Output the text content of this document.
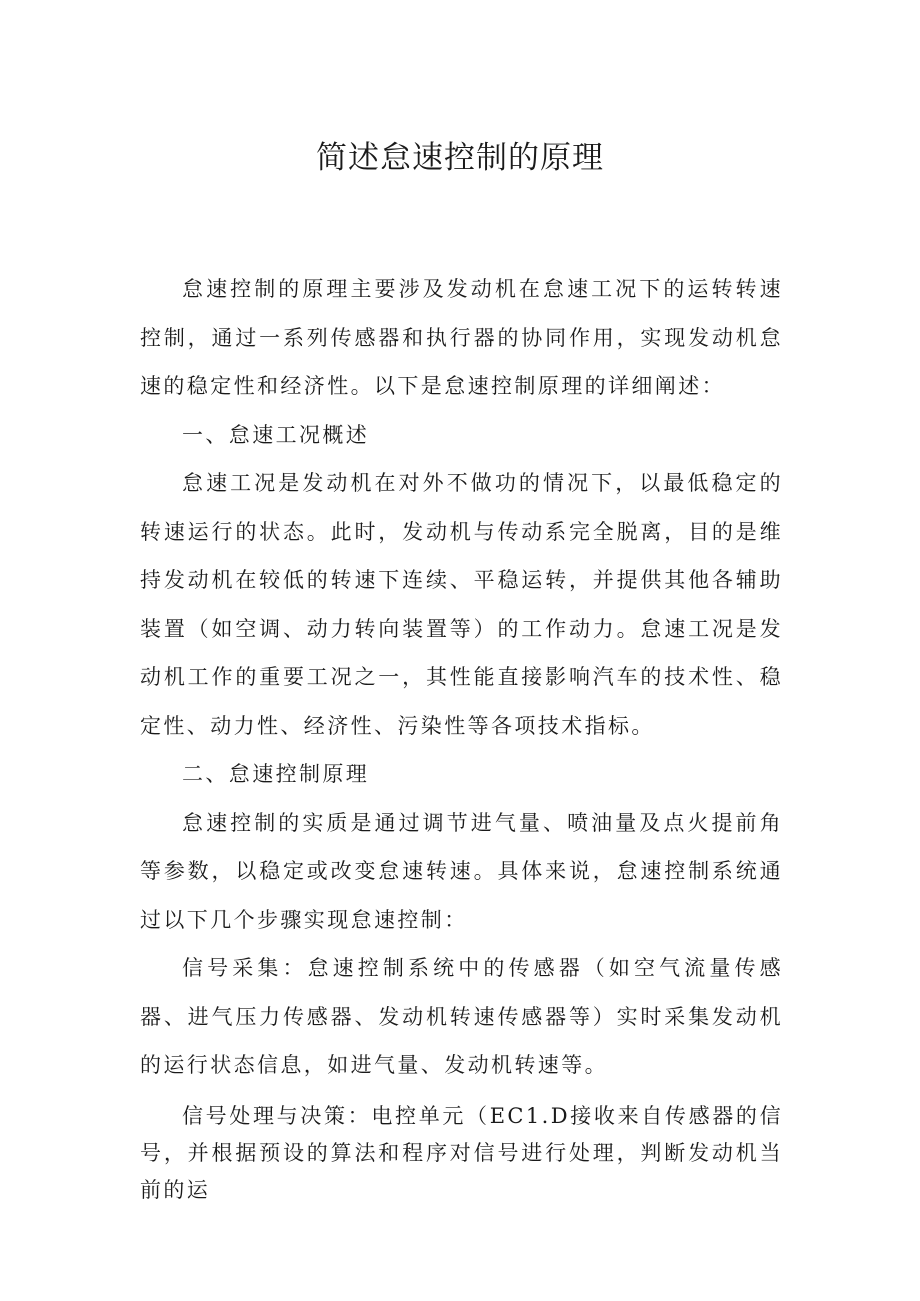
简述怠速控制的原理

怠速控制的原理主要涉及发动机在怠速工况下的运转转速控制，通过一系列传感器和执行器的协同作用，实现发动机怠速的稳定性和经济性。以下是怠速控制原理的详细阐述：

一、怠速工况概述

怠速工况是发动机在对外不做功的情况下，以最低稳定的转速运行的状态。此时，发动机与传动系完全脱离，目的是维持发动机在较低的转速下连续、平稳运转，并提供其他各辅助装置（如空调、动力转向装置等）的工作动力。怠速工况是发动机工作的重要工况之一，其性能直接影响汽车的技术性、稳定性、动力性、经济性、污染性等各项技术指标。

二、怠速控制原理

怠速控制的实质是通过调节进气量、喷油量及点火提前角等参数，以稳定或改变怠速转速。具体来说，怠速控制系统通过以下几个步骤实现怠速控制：

信号采集：怠速控制系统中的传感器（如空气流量传感器、进气压力传感器、发动机转速传感器等）实时采集发动机的运行状态信息，如进气量、发动机转速等。

信号处理与决策：电控单元（EC1.D接收来自传感器的信号，并根据预设的算法和程序对信号进行处理，判断发动机当前的运
